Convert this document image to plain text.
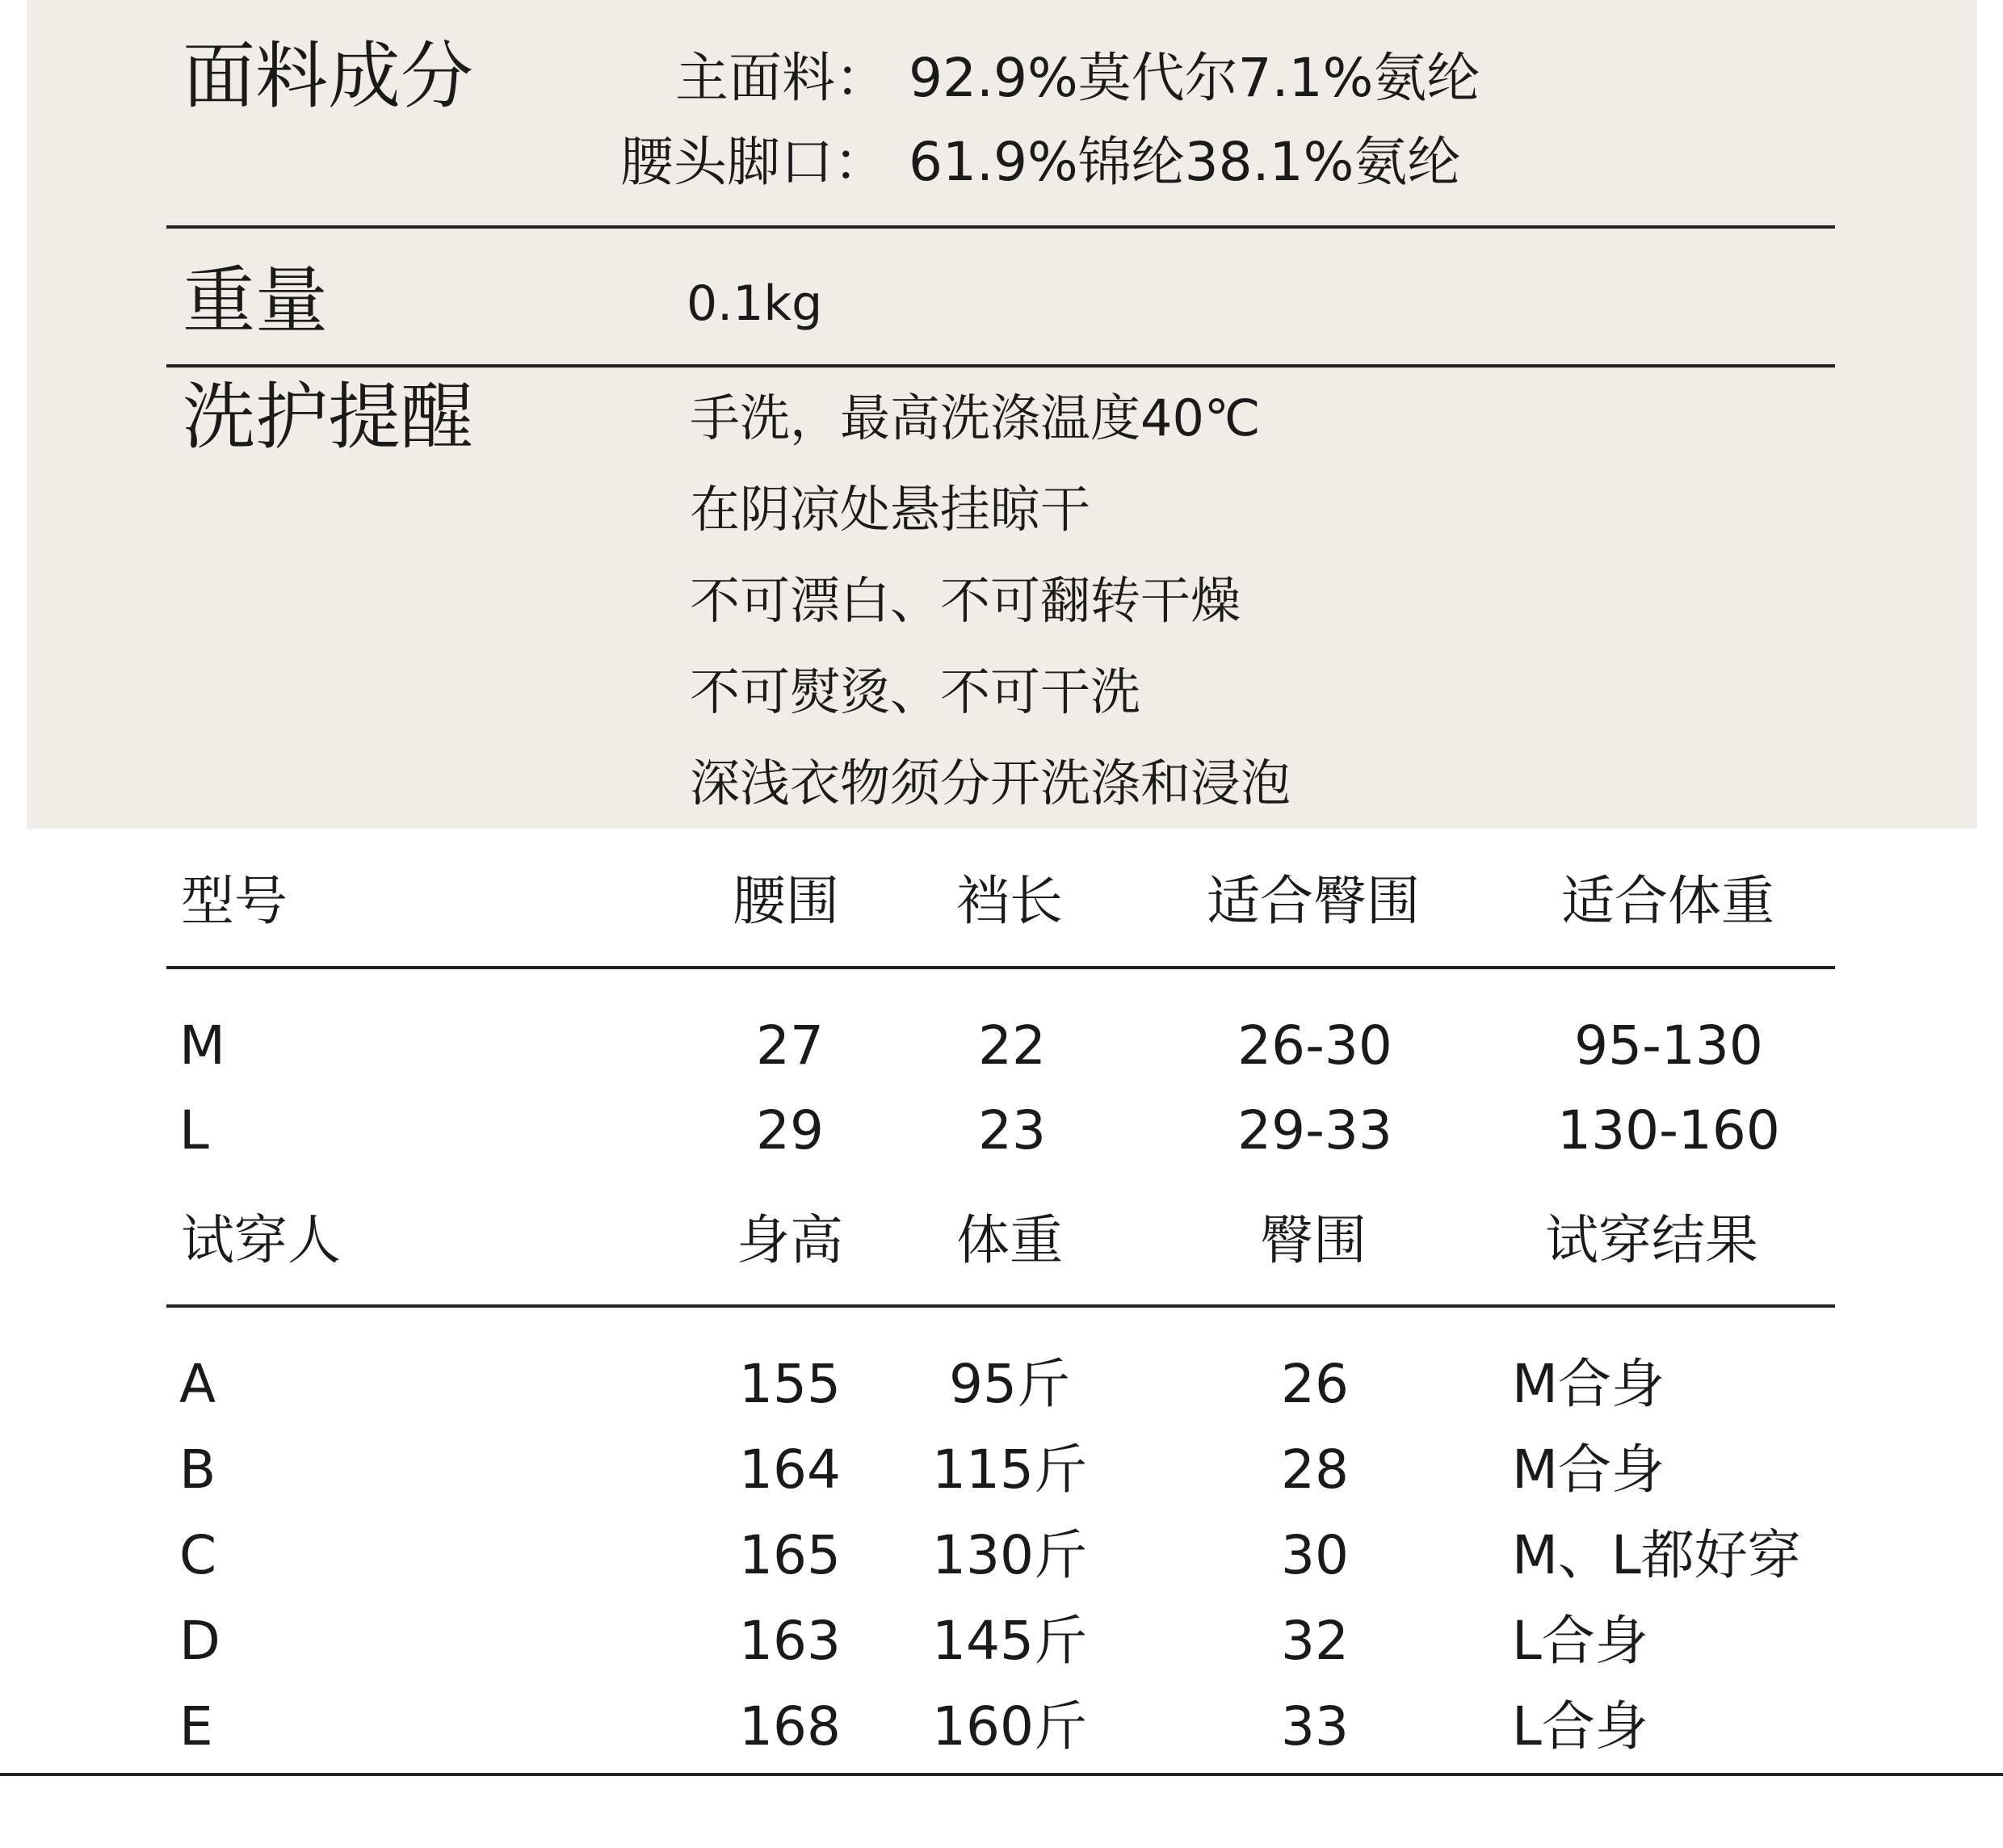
面料成分	主面料： 92.9%莫代尔7.1%氨纶
腰头脚口： 61.9%锦纶38.1%氨纶
重量	0.1kg
洗护提醒	手洗，最高洗涤温度40℃
在阴凉处悬挂晾干
不可漂白、不可翻转干燥
不可熨烫、不可干洗
深浅衣物须分开洗涤和浸泡
型号	腰围 裆长	适合臀围	适合体重
M	27	22	26-30	95-130
L	29	23	29-33	130-160
试穿人	身高 体重	臀围	试穿结果
A	155 95斤	26	M合身
B	164 115斤	28	M合身
C	165 130斤	30	M、L都好穿
D	163 145斤	32	L合身
E	168 160斤	33	L合身
